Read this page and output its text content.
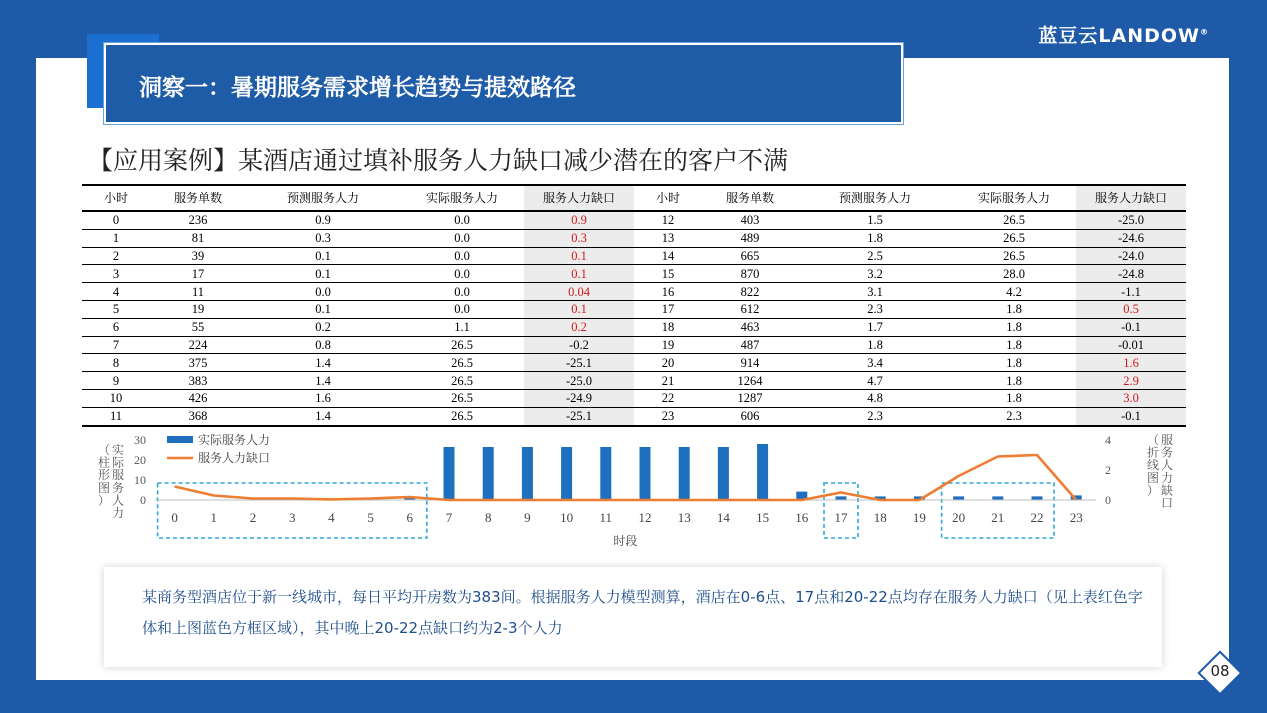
蓝豆云LANDOW®
洞察一：暑期服务需求增长趋势与提效路径
【应用案例】某酒店通过填补服务人力缺口减少潜在的客户不满
小时	服务单数	预测服务人力	实际服务人力	服务人力缺口	小时	服务单数	预测服务人力	实际服务人力	服务人力缺口
0	236	0.9	0.0	0.9	12	403	1.5	26.5	-25.0
1	81	0.3	0.0	0.3	13	489	1.8	26.5	-24.6
2	39	0.1	0.0	0.1	14	665	2.5	26.5	-24.0
3	17	0.1	0.0	0.1	15	870	3.2	28.0	-24.8
4	11	0.0	0.0	0.04	16	822	3.1	4.2	-1.1
5	19	0.1	0.0	0.1	17	612	2.3	1.8	0.5
6	55	0.2	1.1	0.2	18	463	1.7	1.8	-0.1
7	224	0.8	26.5	-0.2	19	487	1.8	1.8	-0.01
8	375	1.4	26.5	-25.1	20	914	3.4	1.8	1.6
9	383	1.4	26.5	-25.0	21	1264	4.7	1.8	2.9
10	426	1.6	26.5	-24.9	22	1287	4.8	1.8	3.0
11	368	1.4	26.5	-25.1	23	606	2.3	2.3	-0.1
0	1	2	3	4	5	6	7	8	9 10 11 12 13 14 15 16 17 18 19 20 21 22 23
时段
0
10
20
30
0
2
4
实
际
服
务
人
力
（
柱
形
图
）
服
务
人
力
缺
口
（
折
线
图
）
实际服务人力
服务人力缺口

某商务型酒店位于新一线城市，每日平均开房数为383间。根据服务人力模型测算，酒店在0-6点、17点和20-22点均存在服务人力缺口（见上表红色字体和上图蓝色方框区域），其中晚上20-22点缺口约为2-3个人力

08
